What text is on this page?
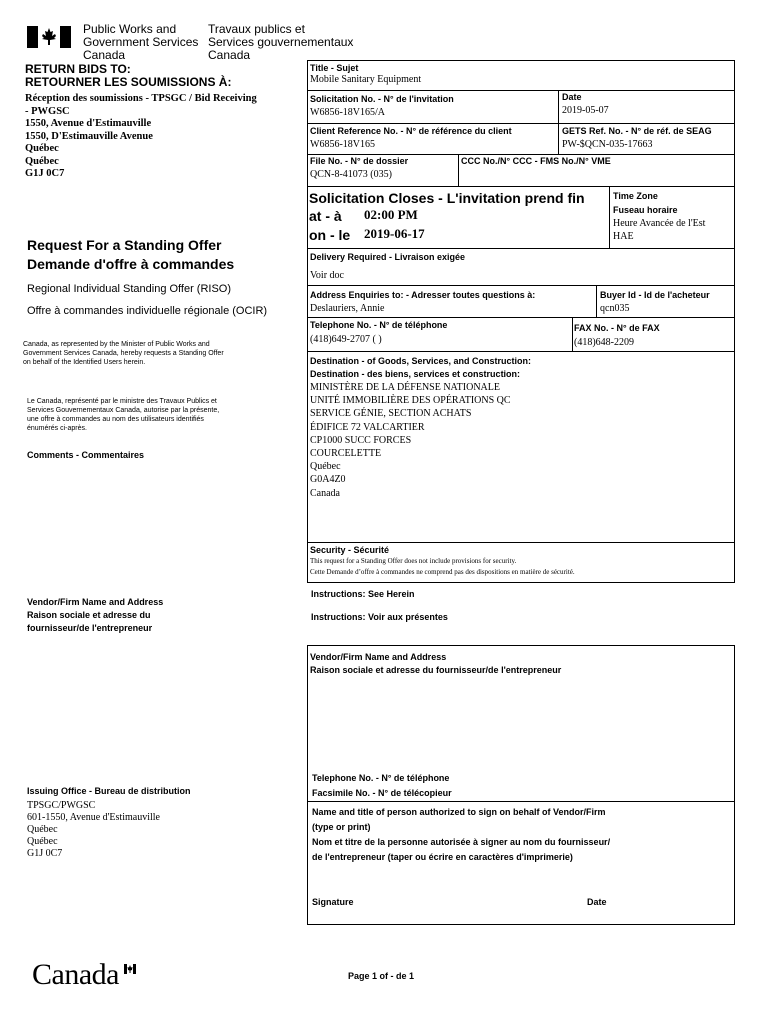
Public Works and
Government Services
Canada
Travaux publics et
Services gouvernementaux
Canada
RETURN BIDS TO:
RETOURNER LES SOUMISSIONS À:
Réception des soumissions - TPSGC / Bid Receiving
- PWGSC
1550, Avenue d'Estimauville
1550, D'Estimauville Avenue
Québec
Québec
G1J 0C7
Request For a Standing Offer
Demande d'offre à commandes
Regional Individual Standing Offer (RISO)
Offre à commandes individuelle régionale (OCIR)
Canada, as represented by the Minister of Public Works and
Government Services Canada, hereby requests a Standing Offer
on behalf of the Identified Users herein.
Le Canada, représenté par le ministre des Travaux Publics et
Services Gouvernementaux Canada, autorise par la présente,
une offre à commandes au nom des utilisateurs identifiés
énumérés ci-après.
Comments - Commentaires
Vendor/Firm Name and Address
Raison sociale et adresse du
fournisseur/de l'entrepreneur
Issuing Office - Bureau de distribution
TPSGC/PWGSC
601-1550, Avenue d'Estimauville
Québec
Québec
G1J 0C7
Title - Sujet
Mobile Sanitary Equipment
Solicitation No. - N° de l'invitation
W6856-18V165/A
Date
2019-05-07
Client Reference No. - N° de référence du client
W6856-18V165
GETS Ref. No. - N° de réf. de SEAG
PW-$QCN-035-17663
File No. - N° de dossier
QCN-8-41073 (035)
CCC No./N° CCC - FMS No./N° VME
Solicitation Closes - L'invitation prend fin
at - à 02:00 PM
on - le 2019-06-17
Time Zone
Fuseau horaire
Heure Avancée de l'Est
HAE
Delivery Required - Livraison exigée
Voir doc
Address Enquiries to: - Adresser toutes questions à:
Deslauriers, Annie
Buyer Id - Id de l'acheteur
qcn035
Telephone No. - N° de téléphone
(418)649-2707 ( )
FAX No. - N° de FAX
(418)648-2209
Destination - of Goods, Services, and Construction:
Destination - des biens, services et construction:
MINISTÈRE DE LA DÉFENSE NATIONALE
UNITÉ IMMOBILIÈRE DES OPÉRATIONS QC
SERVICE GÉNIE, SECTION ACHATS
ÉDIFICE 72 VALCARTIER
CP1000 SUCC FORCES
COURCELETTE
Québec
G0A4Z0
Canada
Security - Sécurité
This request for a Standing Offer does not include provisions for security.
Cette Demande d’offre à commandes ne comprend pas des dispositions en matière de sécurité.
Instructions: See Herein
Instructions: Voir aux présentes
Vendor/Firm Name and Address
Raison sociale et adresse du fournisseur/de l'entrepreneur
Telephone No. - N° de téléphone
Facsimile No. - N° de télécopieur
Name and title of person authorized to sign on behalf of Vendor/Firm
(type or print)
Nom et titre de la personne autorisée à signer au nom du fournisseur/
de l'entrepreneur (taper ou écrire en caractères d'imprimerie)
Signature	Date
Canada	Page 1 of - de 1
